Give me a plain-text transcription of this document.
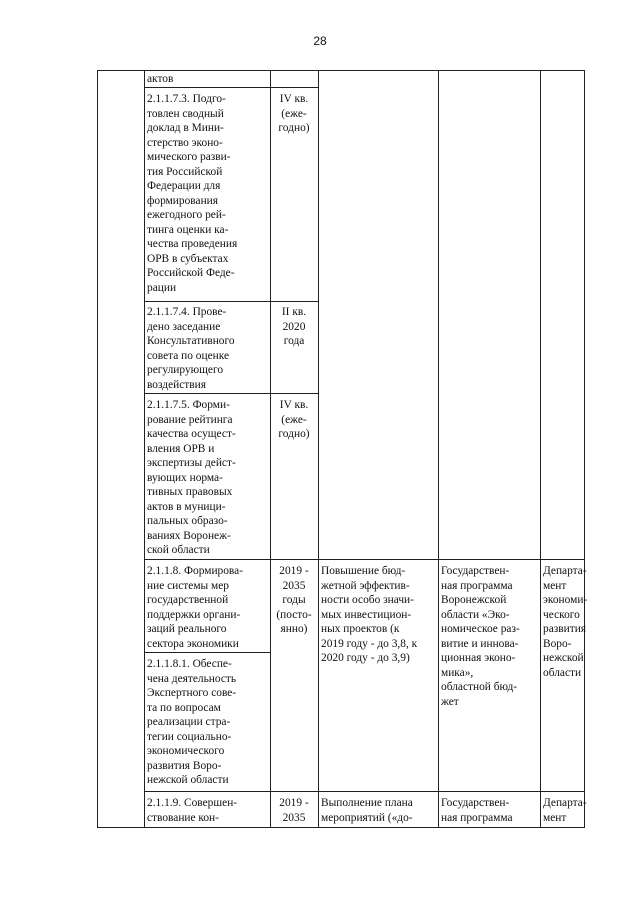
28
актов
2.1.1.7.3. Подго-
товлен сводный
доклад в Мини-
стерство эконо-
мического разви-
тия Российской
Федерации для
формирования
ежегодного рей-
тинга оценки ка-
чества проведения
ОРВ в субъектах
Российской Феде-
рации
IV кв.
(еже-
годно)
2.1.1.7.4. Прове-
дено заседание
Консультативного
совета по оценке
регулирующего
воздействия
II кв.
2020
года
2.1.1.7.5. Форми-
рование рейтинга
качества осущест-
вления ОРВ и
экспертизы дейст-
вующих норма-
тивных правовых
актов в муници-
пальных образо-
ваниях Воронеж-
ской области
IV кв.
(еже-
годно)
2.1.1.8. Формирова-
ние системы мер
государственной
поддержки органи-
заций реального
сектора экономики
2019 -
2035
годы
(посто-
янно)
Повышение бюд-
жетной эффектив-
ности особо значи-
мых инвестицион-
ных проектов (к
2019 году - до 3,8, к
2020 году - до 3,9)
Государствен-
ная программа
Воронежской
области «Эко-
номическое раз-
витие и иннова-
ционная эконо-
мика»,
областной бюд-
жет
Департа-
мент
экономи-
ческого
развития
Воро-
нежской
области
2.1.1.8.1. Обеспе-
чена деятельность
Экспертного сове-
та по вопросам
реализации стра-
тегии социально-
экономического
развития Воро-
нежской области
2.1.1.9. Совершен-
ствование кон-
2019 -
2035
Выполнение плана
мероприятий («до-
Государствен-
ная программа
Департа-
мент
